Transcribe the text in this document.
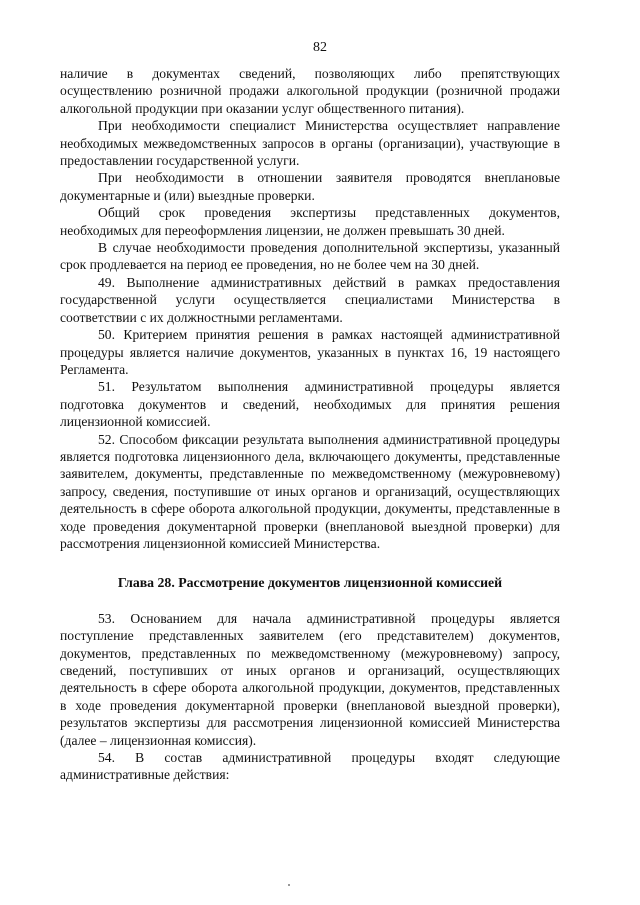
82

наличие в документах сведений, позволяющих либо препятствующих осуществлению розничной продажи алкогольной продукции (розничной продажи алкогольной продукции при оказании услуг общественного питания).

При необходимости специалист Министерства осуществляет направление необходимых межведомственных запросов в органы (организации), участвующие в предоставлении государственной услуги.

При необходимости в отношении заявителя проводятся внеплановые документарные и (или) выездные проверки.

Общий срок проведения экспертизы представленных документов, необходимых для переоформления лицензии, не должен превышать 30 дней.

В случае необходимости проведения дополнительной экспертизы, указанный срок продлевается на период ее проведения, но не более чем на 30 дней.

49. Выполнение административных действий в рамках предоставления государственной услуги осуществляется специалистами Министерства в соответствии с их должностными регламентами.

50. Критерием принятия решения в рамках настоящей административной процедуры является наличие документов, указанных в пунктах 16, 19 настоящего Регламента.

51. Результатом выполнения административной процедуры является подготовка документов и сведений, необходимых для принятия решения лицензионной комиссией.

52. Способом фиксации результата выполнения административной процедуры является подготовка лицензионного дела, включающего документы, представленные заявителем, документы, представленные по межведомственному (межуровневому) запросу, сведения, поступившие от иных органов и организаций, осуществляющих деятельность в сфере оборота алкогольной продукции, документы, представленные в ходе проведения документарной проверки (внеплановой выездной проверки) для рассмотрения лицензионной комиссией Министерства.

Глава 28. Рассмотрение документов лицензионной комиссией

53. Основанием для начала административной процедуры является поступление представленных заявителем (его представителем) документов, документов, представленных по межведомственному (межуровневому) запросу, сведений, поступивших от иных органов и организаций, осуществляющих деятельность в сфере оборота алкогольной продукции, документов, представленных в ходе проведения документарной проверки (внеплановой выездной проверки), результатов экспертизы для рассмотрения лицензионной комиссией Министерства (далее – лицензионная комиссия).

54. В состав административной процедуры входят следующие административные действия:
